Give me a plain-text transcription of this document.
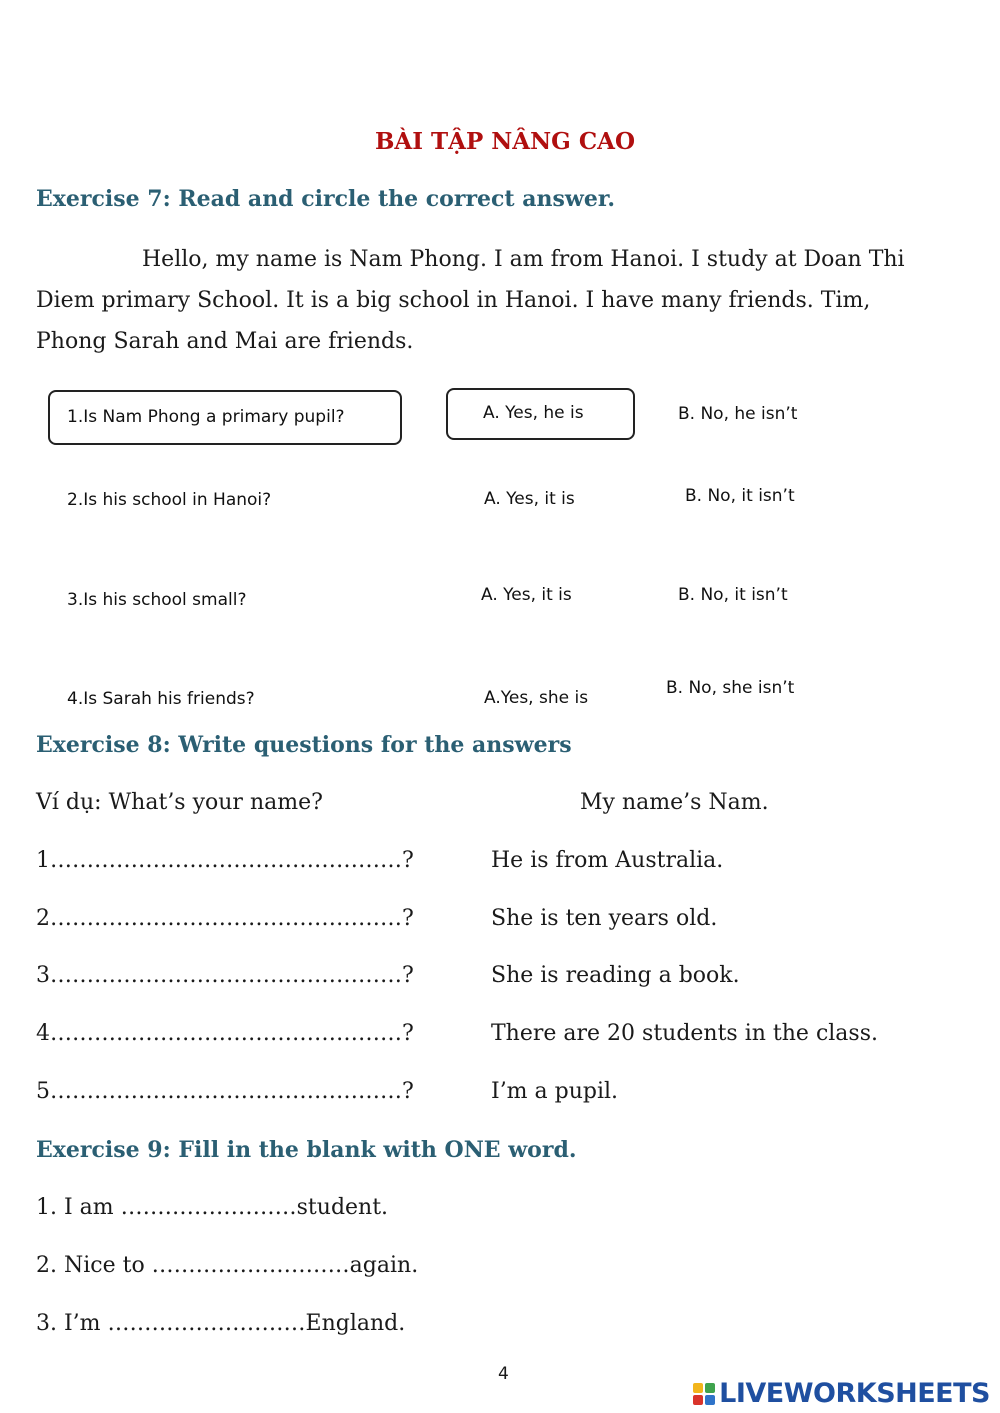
BÀI TẬP NÂNG CAO
Exercise 7: Read and circle the correct answer.
Hello, my name is Nam Phong. I am from Hanoi. I study at Doan Thi
Diem primary School. It is a big school in Hanoi. I have many friends. Tim,
Phong Sarah and Mai are friends.
1.Is Nam Phong a primary pupil?	A. Yes, he is	B. No, he isn’t
2.Is his school in Hanoi?	A. Yes, it is	B. No, it isn’t
3.Is his school small?	A. Yes, it is	B. No, it isn’t
4.Is Sarah his friends?	A.Yes, she is	B. No, she isn’t
Exercise 8: Write questions for the answers
Ví dụ: What’s your name?	My name’s Nam.
1…………………………………………?	He is from Australia.
2…………………………………………?	She is ten years old.
3…………………………………………?	She is reading a book.
4…………………………………………?	There are 20 students in the class.
5…………………………………………?	I’m a pupil.
Exercise 9: Fill in the blank with ONE word.
1. I am ……………………student.
2. Nice to ………………………again.
3. I’m ………………………England.
4
LIVEWORKSHEETS
